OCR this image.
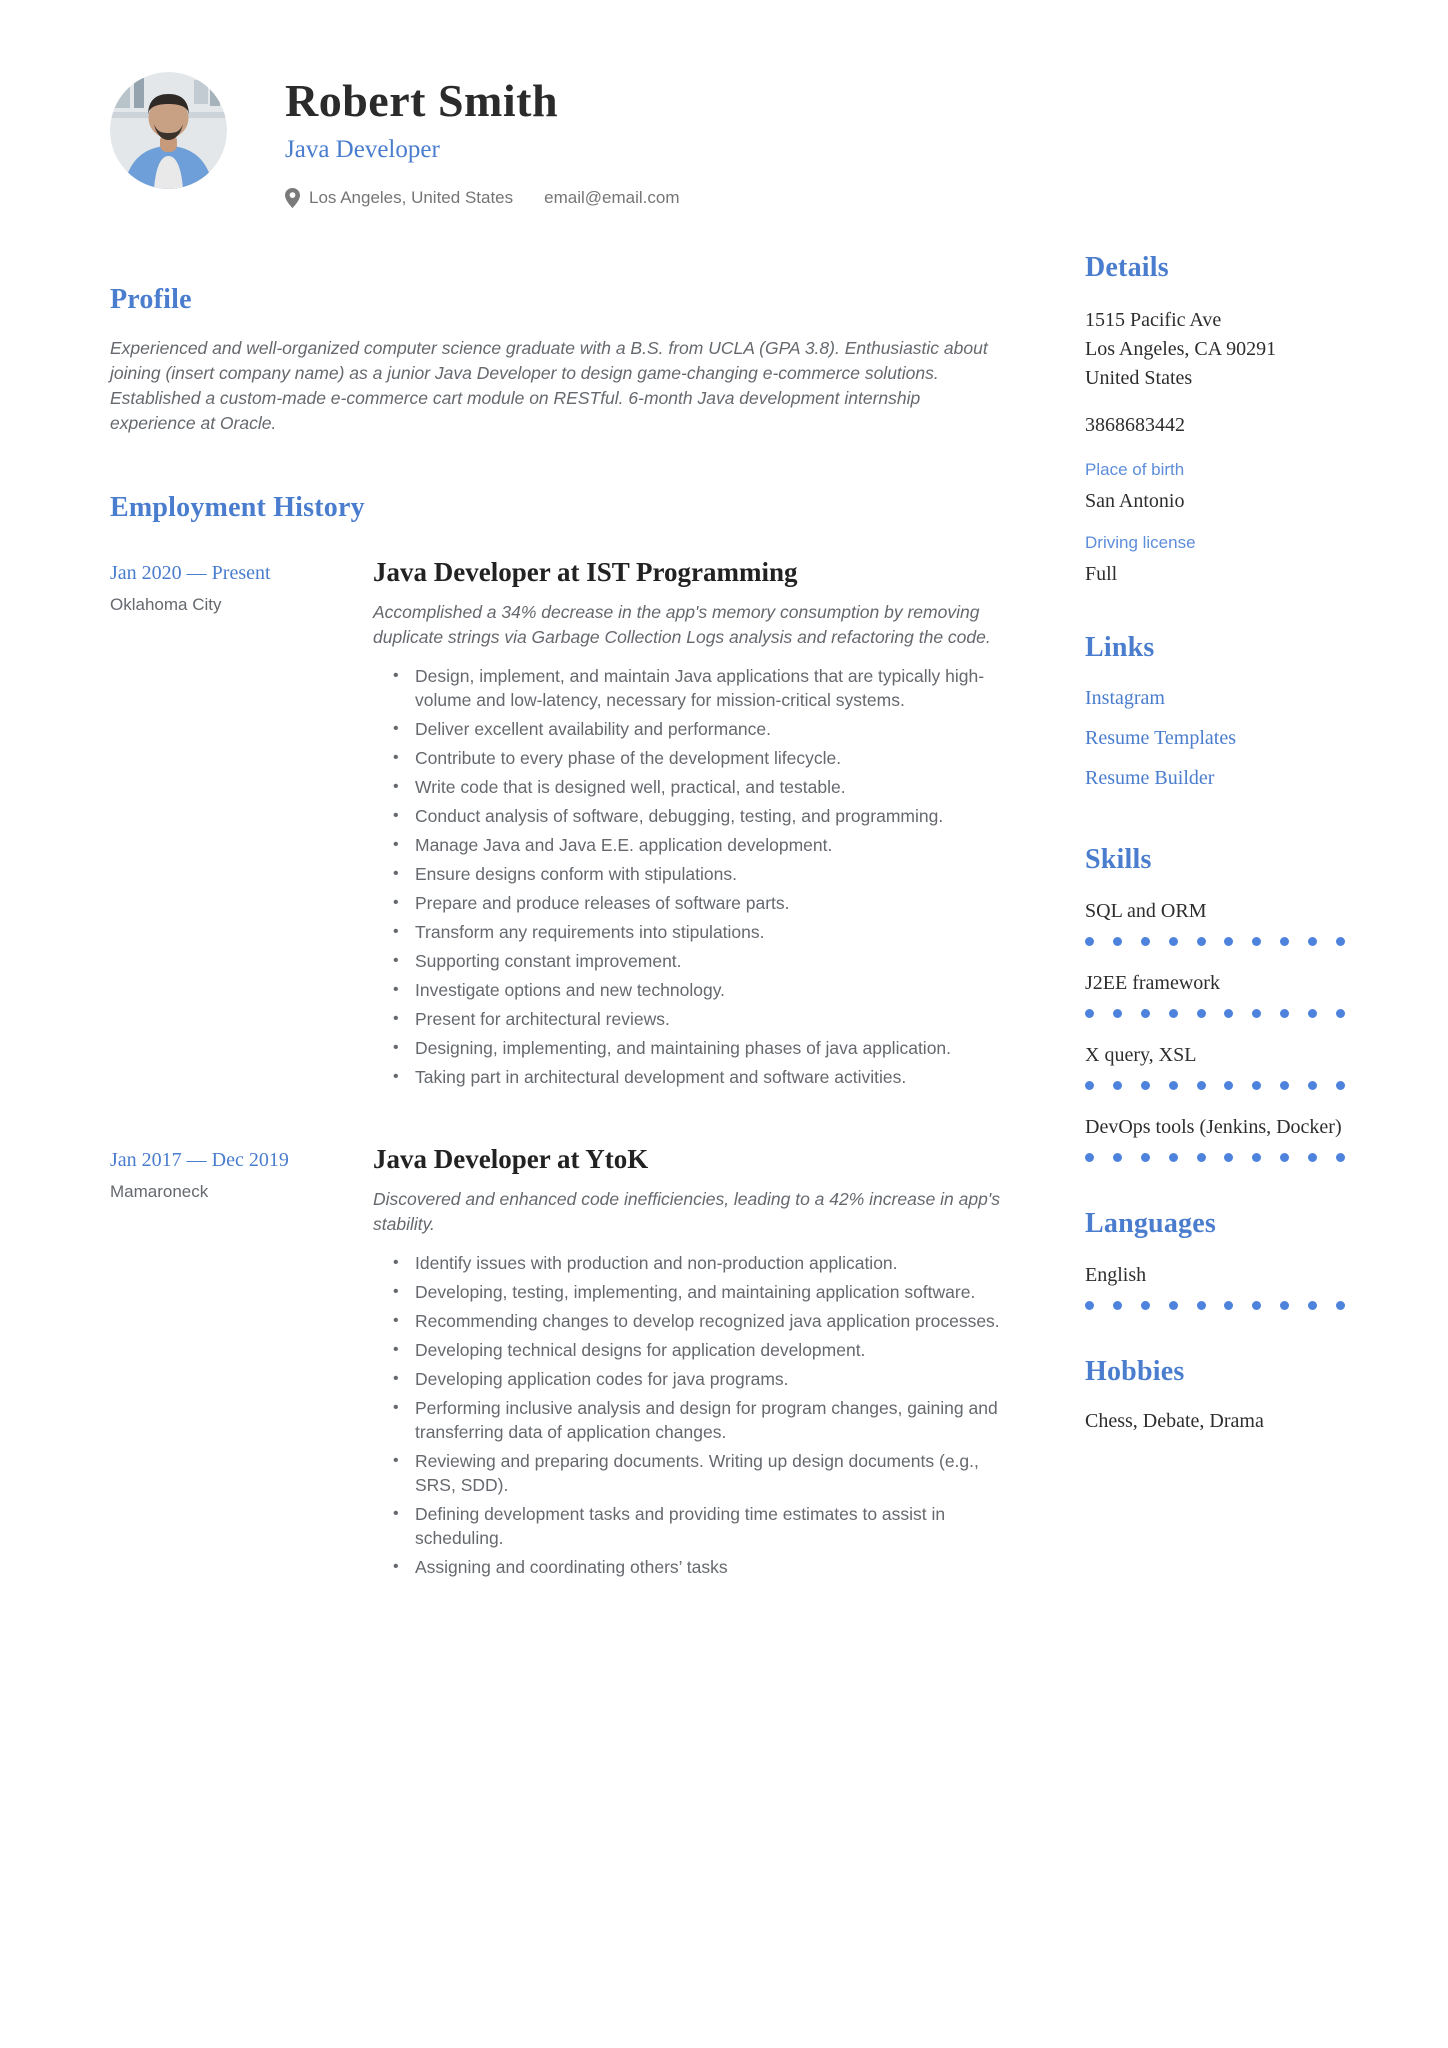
Robert Smith
Java Developer
Los Angeles, United States email@email.com
Profile

Experienced and well-organized computer science graduate with a B.S. from UCLA (GPA 3.8). Enthusiastic about joining (insert company name) as a junior Java Developer to design game-changing e-commerce solutions. Established a custom-made e-commerce cart module on RESTful. 6-month Java development internship experience at Oracle.

Employment History
Jan 2020 — Present
Oklahoma City
Java Developer at IST Programming

Accomplished a 34% decrease in the app's memory consumption by removing duplicate strings via Garbage Collection Logs analysis and refactoring the code.

• Design, implement, and maintain Java applications that are typically high-volume and low-latency, necessary for mission-critical systems.
• Deliver excellent availability and performance.
• Contribute to every phase of the development lifecycle.
• Write code that is designed well, practical, and testable.
• Conduct analysis of software, debugging, testing, and programming.
• Manage Java and Java E.E. application development.
• Ensure designs conform with stipulations.
• Prepare and produce releases of software parts.
• Transform any requirements into stipulations.
• Supporting constant improvement.
• Investigate options and new technology.
• Present for architectural reviews.
• Designing, implementing, and maintaining phases of java application.
• Taking part in architectural development and software activities.
Jan 2017 — Dec 2019
Mamaroneck
Java Developer at YtoK

Discovered and enhanced code inefficiencies, leading to a 42% increase in app's stability.

• Identify issues with production and non-production application.
• Developing, testing, implementing, and maintaining application software.
• Recommending changes to develop recognized java application processes.
• Developing technical designs for application development.
• Developing application codes for java programs.
• Performing inclusive analysis and design for program changes, gaining and transferring data of application changes.
• Reviewing and preparing documents. Writing up design documents (e.g., SRS, SDD).
• Defining development tasks and providing time estimates to assist in scheduling.
• Assigning and coordinating others’ tasks
Details
1515 Pacific Ave
Los Angeles, CA 90291
United States
3868683442
Place of birth
San Antonio
Driving license
Full
Links
Instagram
Resume Templates
Resume Builder
Skills
SQL and ORM
J2EE framework
X query, XSL
DevOps tools (Jenkins, Docker)
Languages
English
Hobbies

Chess, Debate, Drama
